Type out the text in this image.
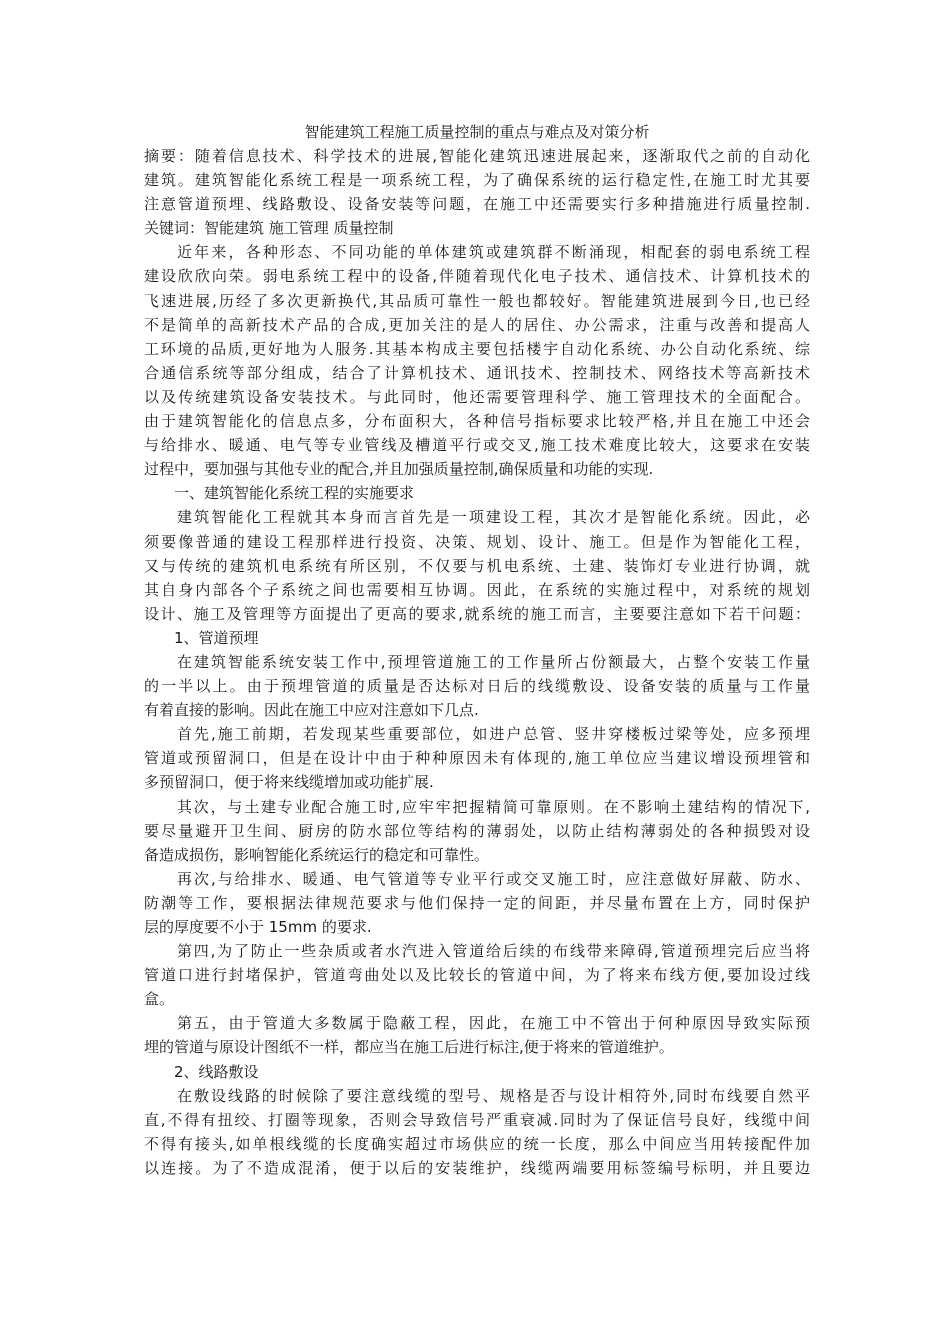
智能建筑工程施工质量控制的重点与难点及对策分析

摘要：随着信息技术、科学技术的进展,智能化建筑迅速进展起来，逐渐取代之前的自动化

建筑。建筑智能化系统工程是一项系统工程，为了确保系统的运行稳定性,在施工时尤其要

注意管道预埋、线路敷设、设备安装等问题，在施工中还需要实行多种措施进行质量控制.

关键词：智能建筑 施工管理 质量控制

近年来，各种形态、不同功能的单体建筑或建筑群不断涌现，相配套的弱电系统工程

建设欣欣向荣。弱电系统工程中的设备,伴随着现代化电子技术、通信技术、计算机技术的

飞速进展,历经了多次更新换代,其品质可靠性一般也都较好。智能建筑进展到今日,也已经

不是简单的高新技术产品的合成,更加关注的是人的居住、办公需求，注重与改善和提高人

工环境的品质,更好地为人服务.其基本构成主要包括楼宇自动化系统、办公自动化系统、综

合通信系统等部分组成，结合了计算机技术、通讯技术、控制技术、网络技术等高新技术

以及传统建筑设备安装技术。与此同时，他还需要管理科学、施工管理技术的全面配合。

由于建筑智能化的信息点多，分布面积大，各种信号指标要求比较严格,并且在施工中还会

与给排水、暖通、电气等专业管线及槽道平行或交叉,施工技术难度比较大，这要求在安装

过程中，要加强与其他专业的配合,并且加强质量控制,确保质量和功能的实现.

一、建筑智能化系统工程的实施要求

建筑智能化工程就其本身而言首先是一项建设工程，其次才是智能化系统。因此，必

须要像普通的建设工程那样进行投资、决策、规划、设计、施工。但是作为智能化工程，

又与传统的建筑机电系统有所区别，不仅要与机电系统、土建、装饰灯专业进行协调，就

其自身内部各个子系统之间也需要相互协调。因此，在系统的实施过程中，对系统的规划

设计、施工及管理等方面提出了更高的要求,就系统的施工而言，主要要注意如下若干问题：

1、管道预埋

在建筑智能系统安装工作中,预埋管道施工的工作量所占份额最大，占整个安装工作量

的一半以上。由于预埋管道的质量是否达标对日后的线缆敷设、设备安装的质量与工作量

有着直接的影响。因此在施工中应对注意如下几点.

首先,施工前期，若发现某些重要部位，如进户总管、竖井穿楼板过梁等处，应多预埋

管道或预留洞口，但是在设计中由于种种原因未有体现的,施工单位应当建议增设预埋管和

多预留洞口，便于将来线缆增加或功能扩展.

其次，与土建专业配合施工时,应牢牢把握精简可靠原则。在不影响土建结构的情况下,

要尽量避开卫生间、厨房的防水部位等结构的薄弱处，以防止结构薄弱处的各种损毁对设

备造成损伤，影响智能化系统运行的稳定和可靠性。

再次,与给排水、暖通、电气管道等专业平行或交叉施工时，应注意做好屏蔽、防水、

防潮等工作，要根据法律规范要求与他们保持一定的间距，并尽量布置在上方，同时保护

层的厚度要不小于 15mm 的要求.

第四,为了防止一些杂质或者水汽进入管道给后续的布线带来障碍,管道预埋完后应当将

管道口进行封堵保护，管道弯曲处以及比较长的管道中间，为了将来布线方便,要加设过线

盒。

第五，由于管道大多数属于隐蔽工程，因此，在施工中不管出于何种原因导致实际预

埋的管道与原设计图纸不一样，都应当在施工后进行标注,便于将来的管道维护。

2、线路敷设

在敷设线路的时候除了要注意线缆的型号、规格是否与设计相符外,同时布线要自然平

直,不得有扭绞、打圈等现象，否则会导致信号严重衰减.同时为了保证信号良好，线缆中间

不得有接头,如单根线缆的长度确实超过市场供应的统一长度，那么中间应当用转接配件加

以连接。为了不造成混淆，便于以后的安装维护，线缆两端要用标签编号标明，并且要边
